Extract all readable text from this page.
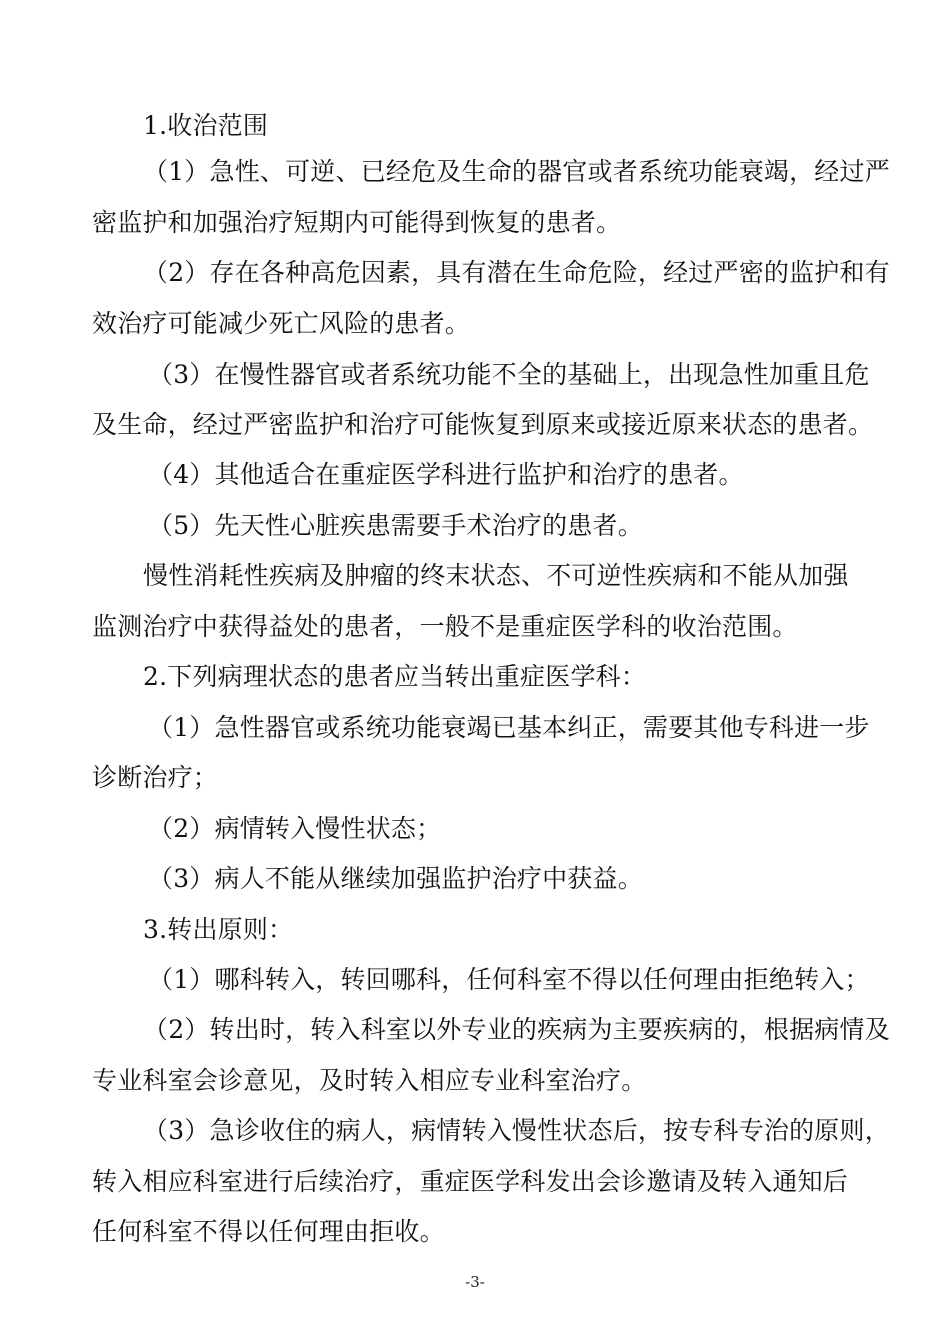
1.收治范围
（1）急性、可逆、已经危及生命的器官或者系统功能衰竭，经过严
密监护和加强治疗短期内可能得到恢复的患者。
（2）存在各种高危因素，具有潜在生命危险，经过严密的监护和有
效治疗可能减少死亡风险的患者。
（3）在慢性器官或者系统功能不全的基础上，出现急性加重且危
及生命，经过严密监护和治疗可能恢复到原来或接近原来状态的患者。
（4）其他适合在重症医学科进行监护和治疗的患者。
（5）先天性心脏疾患需要手术治疗的患者。
慢性消耗性疾病及肿瘤的终末状态、不可逆性疾病和不能从加强
监测治疗中获得益处的患者，一般不是重症医学科的收治范围。
2.下列病理状态的患者应当转出重症医学科：
（1）急性器官或系统功能衰竭已基本纠正，需要其他专科进一步
诊断治疗；
（2）病情转入慢性状态；
（3）病人不能从继续加强监护治疗中获益。
3.转出原则：
（1）哪科转入，转回哪科，任何科室不得以任何理由拒绝转入；
（2）转出时，转入科室以外专业的疾病为主要疾病的，根据病情及
专业科室会诊意见，及时转入相应专业科室治疗。
（3）急诊收住的病人，病情转入慢性状态后，按专科专治的原则，
转入相应科室进行后续治疗，重症医学科发出会诊邀请及转入通知后
任何科室不得以任何理由拒收。
-3-
